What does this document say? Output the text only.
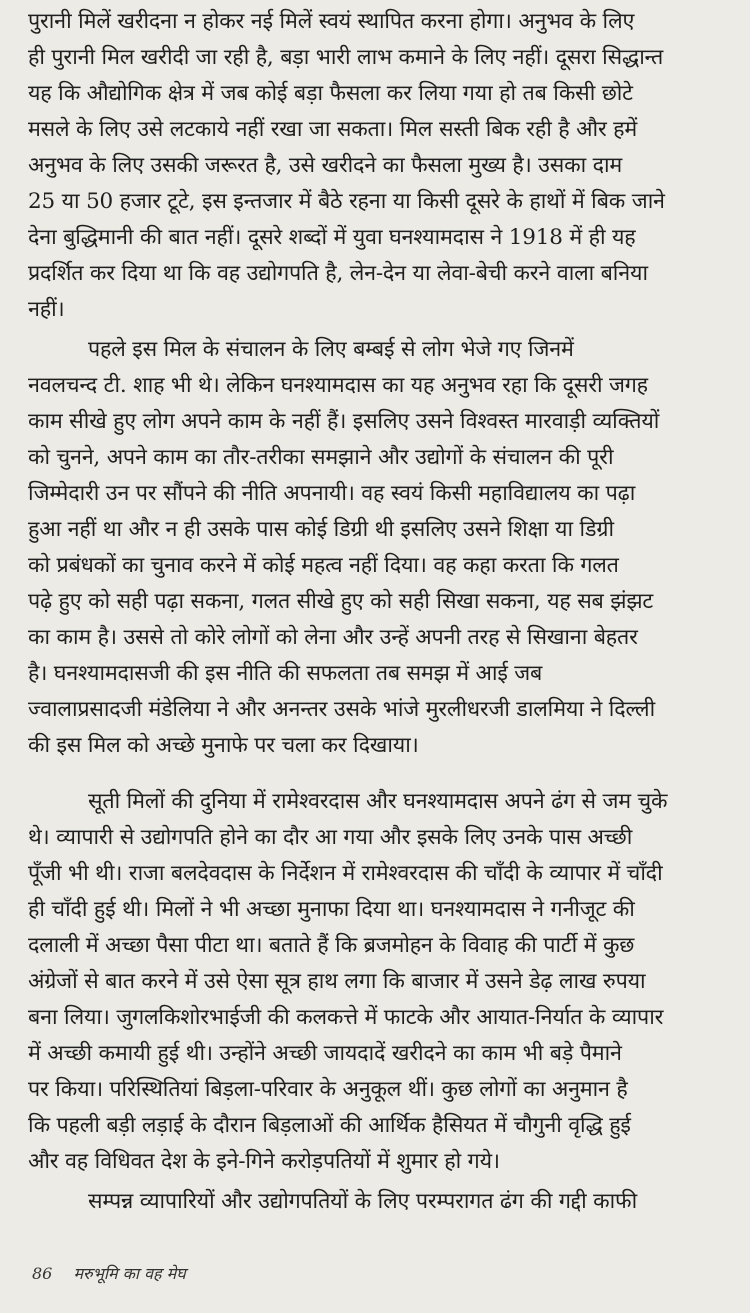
पुरानी मिलें खरीदना न होकर नई मिलें स्वयं स्थापित करना होगा। अनुभव के लिए
ही पुरानी मिल खरीदी जा रही है, बड़ा भारी लाभ कमाने के लिए नहीं। दूसरा सिद्धान्त
यह कि औद्योगिक क्षेत्र में जब कोई बड़ा फैसला कर लिया गया हो तब किसी छोटे
मसले के लिए उसे लटकाये नहीं रखा जा सकता। मिल सस्ती बिक रही है और हमें
अनुभव के लिए उसकी जरूरत है, उसे खरीदने का फैसला मुख्य है। उसका दाम
25 या 50 हजार टूटे, इस इन्तजार में बैठे रहना या किसी दूसरे के हाथों में बिक जाने
देना बुद्धिमानी की बात नहीं। दूसरे शब्दों में युवा घनश्यामदास ने 1918 में ही यह
प्रदर्शित कर दिया था कि वह उद्योगपति है, लेन-देन या लेवा-बेची करने वाला बनिया
नहीं।
पहले इस मिल के संचालन के लिए बम्बई से लोग भेजे गए जिनमें
नवलचन्द टी. शाह भी थे। लेकिन घनश्यामदास का यह अनुभव रहा कि दूसरी जगह
काम सीखे हुए लोग अपने काम के नहीं हैं। इसलिए उसने विश्वस्त मारवाड़ी व्यक्तियों
को चुनने, अपने काम का तौर-तरीका समझाने और उद्योगों के संचालन की पूरी
जिम्मेदारी उन पर सौंपने की नीति अपनायी। वह स्वयं किसी महाविद्यालय का पढ़ा
हुआ नहीं था और न ही उसके पास कोई डिग्री थी इसलिए उसने शिक्षा या डिग्री
को प्रबंधकों का चुनाव करने में कोई महत्व नहीं दिया। वह कहा करता कि गलत
पढ़े हुए को सही पढ़ा सकना, गलत सीखे हुए को सही सिखा सकना, यह सब झंझट
का काम है। उससे तो कोरे लोगों को लेना और उन्हें अपनी तरह से सिखाना बेहतर
है। घनश्यामदासजी की इस नीति की सफलता तब समझ में आई जब
ज्वालाप्रसादजी मंडेलिया ने और अनन्तर उसके भांजे मुरलीधरजी डालमिया ने दिल्ली
की इस मिल को अच्छे मुनाफे पर चला कर दिखाया।
सूती मिलों की दुनिया में रामेश्वरदास और घनश्यामदास अपने ढंग से जम चुके
थे। व्यापारी से उद्योगपति होने का दौर आ गया और इसके लिए उनके पास अच्छी
पूँजी भी थी। राजा बलदेवदास के निर्देशन में रामेश्वरदास की चाँदी के व्यापार में चाँदी
ही चाँदी हुई थी। मिलों ने भी अच्छा मुनाफा दिया था। घनश्यामदास ने गनीजूट की
दलाली में अच्छा पैसा पीटा था। बताते हैं कि ब्रजमोहन के विवाह की पार्टी में कुछ
अंग्रेजों से बात करने में उसे ऐसा सूत्र हाथ लगा कि बाजार में उसने डेढ़ लाख रुपया
बना लिया। जुगलकिशोरभाईजी की कलकत्ते में फाटके और आयात-निर्यात के व्यापार
में अच्छी कमायी हुई थी। उन्होंने अच्छी जायदादें खरीदने का काम भी बड़े पैमाने
पर किया। परिस्थितियां बिड़ला-परिवार के अनुकूल थीं। कुछ लोगों का अनुमान है
कि पहली बड़ी लड़ाई के दौरान बिड़लाओं की आर्थिक हैसियत में चौगुनी वृद्धि हुई
और वह विधिवत देश के इने-गिने करोड़पतियों में शुमार हो गये।
सम्पन्न व्यापारियों और उद्योगपतियों के लिए परम्परागत ढंग की गद्दी काफी
86 मरुभूमि का वह मेघ
